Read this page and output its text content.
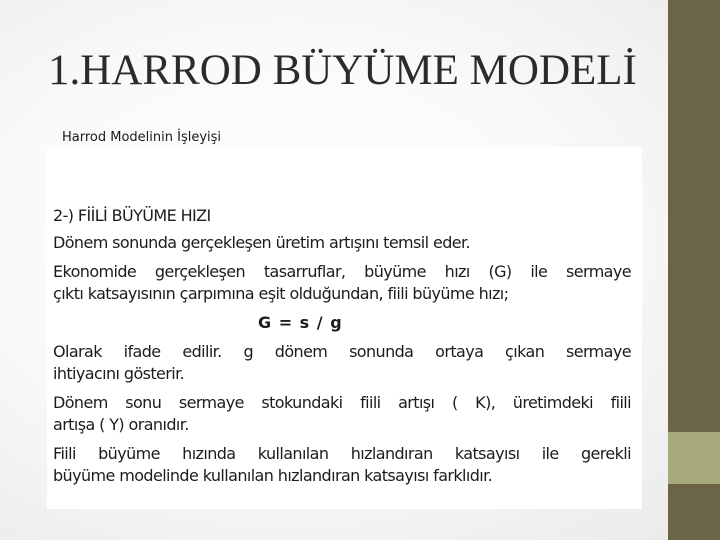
1.HARROD BÜYÜME MODELİ
Harrod Modelinin İşleyişi
2-) FİİLİ BÜYÜME HIZI
Dönem sonunda gerçekleşen üretim artışını temsil eder.
Ekonomide gerçekleşen tasarruflar, büyüme hızı (G) ile sermaye
çıktı katsayısının çarpımına eşit olduğundan, fiili büyüme hızı;
G = s / g
Olarak ifade edilir. g dönem sonunda ortaya çıkan sermaye
ihtiyacını gösterir.
Dönem sonu sermaye stokundaki fiili artışı ( K), üretimdeki fiili
artışa ( Y) oranıdır.
Fiili büyüme hızında kullanılan hızlandıran katsayısı ile gerekli
büyüme modelinde kullanılan hızlandıran katsayısı farklıdır.
